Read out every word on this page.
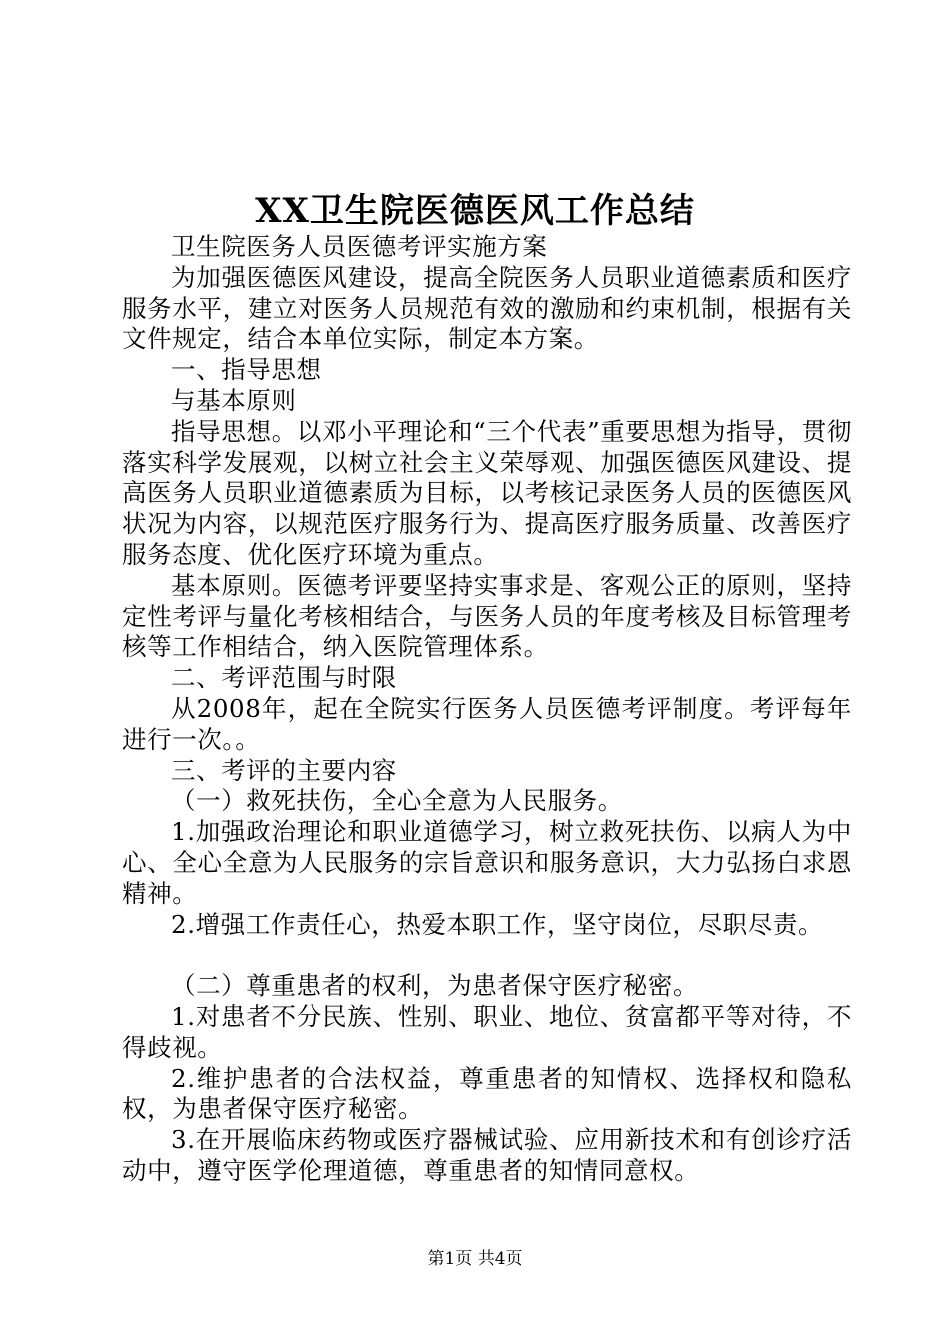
XX卫生院医德医风工作总结

卫生院医务人员医德考评实施方案

为加强医德医风建设，提高全院医务人员职业道德素质和医疗服务水平，建立对医务人员规范有效的激励和约束机制，根据有关文件规定，结合本单位实际，制定本方案。

一、指导思想

与基本原则

指导思想。以邓小平理论和“三个代表”重要思想为指导，贯彻落实科学发展观，以树立社会主义荣辱观、加强医德医风建设、提高医务人员职业道德素质为目标，以考核记录医务人员的医德医风状况为内容，以规范医疗服务行为、提高医疗服务质量、改善医疗服务态度、优化医疗环境为重点。

基本原则。医德考评要坚持实事求是、客观公正的原则，坚持定性考评与量化考核相结合，与医务人员的年度考核及目标管理考核等工作相结合，纳入医院管理体系。

二、考评范围与时限

从2008年，起在全院实行医务人员医德考评制度。考评每年进行一次。。

三、考评的主要内容

（一）救死扶伤，全心全意为人民服务。

1.加强政治理论和职业道德学习，树立救死扶伤、以病人为中心、全心全意为人民服务的宗旨意识和服务意识，大力弘扬白求恩精神。

2.增强工作责任心，热爱本职工作，坚守岗位，尽职尽责。

（二）尊重患者的权利，为患者保守医疗秘密。

1.对患者不分民族、性别、职业、地位、贫富都平等对待，不得歧视。

2.维护患者的合法权益，尊重患者的知情权、选择权和隐私权，为患者保守医疗秘密。

3.在开展临床药物或医疗器械试验、应用新技术和有创诊疗活动中，遵守医学伦理道德，尊重患者的知情同意权。

第1页 共4页
